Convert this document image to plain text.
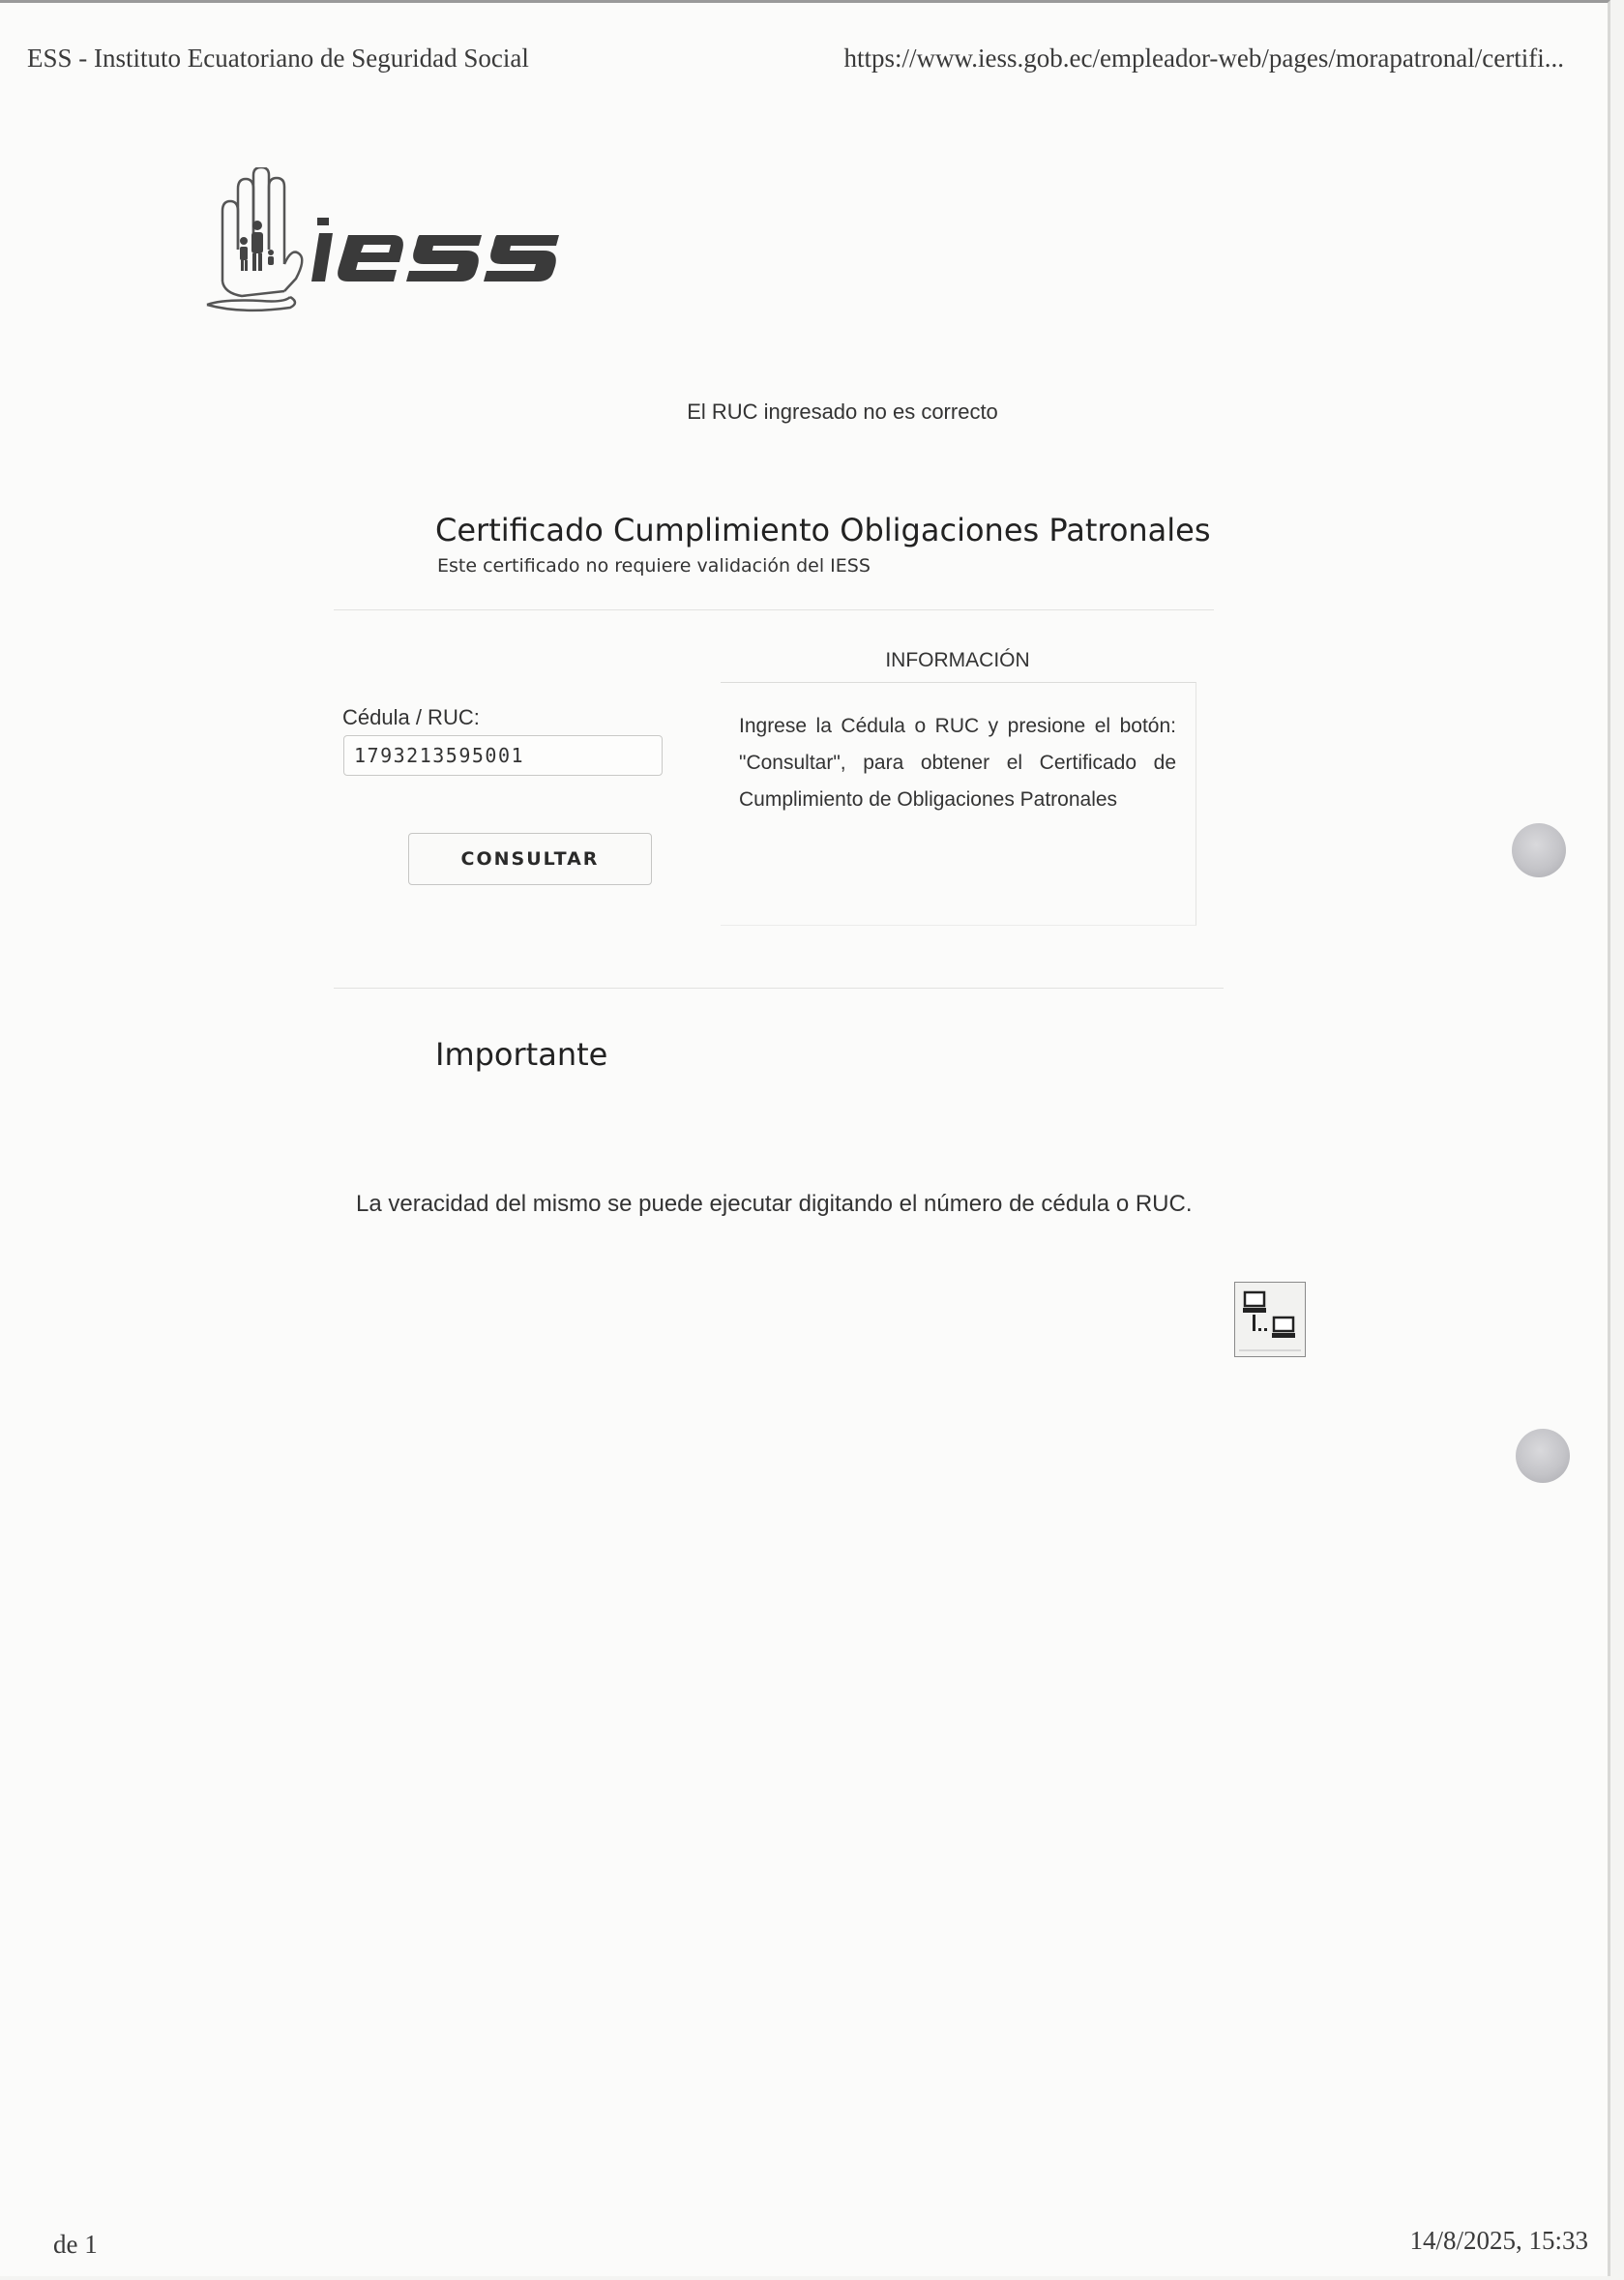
ESS - Instituto Ecuatoriano de Seguridad Social	https://www.iess.gob.ec/empleador-web/pages/morapatronal/certifi...
El RUC ingresado no es correcto
Certificado Cumplimiento Obligaciones Patronales
Este certificado no requiere validación del IESS
Cédula / RUC:
1793213595001
CONSULTAR
INFORMACIÓN
Ingrese la Cédula o RUC y presione el botón: "Consultar", para obtener el Certificado de Cumplimiento de Obligaciones Patronales
Importante
La veracidad del mismo se puede ejecutar digitando el número de cédula o RUC.
de 1	14/8/2025, 15:33
